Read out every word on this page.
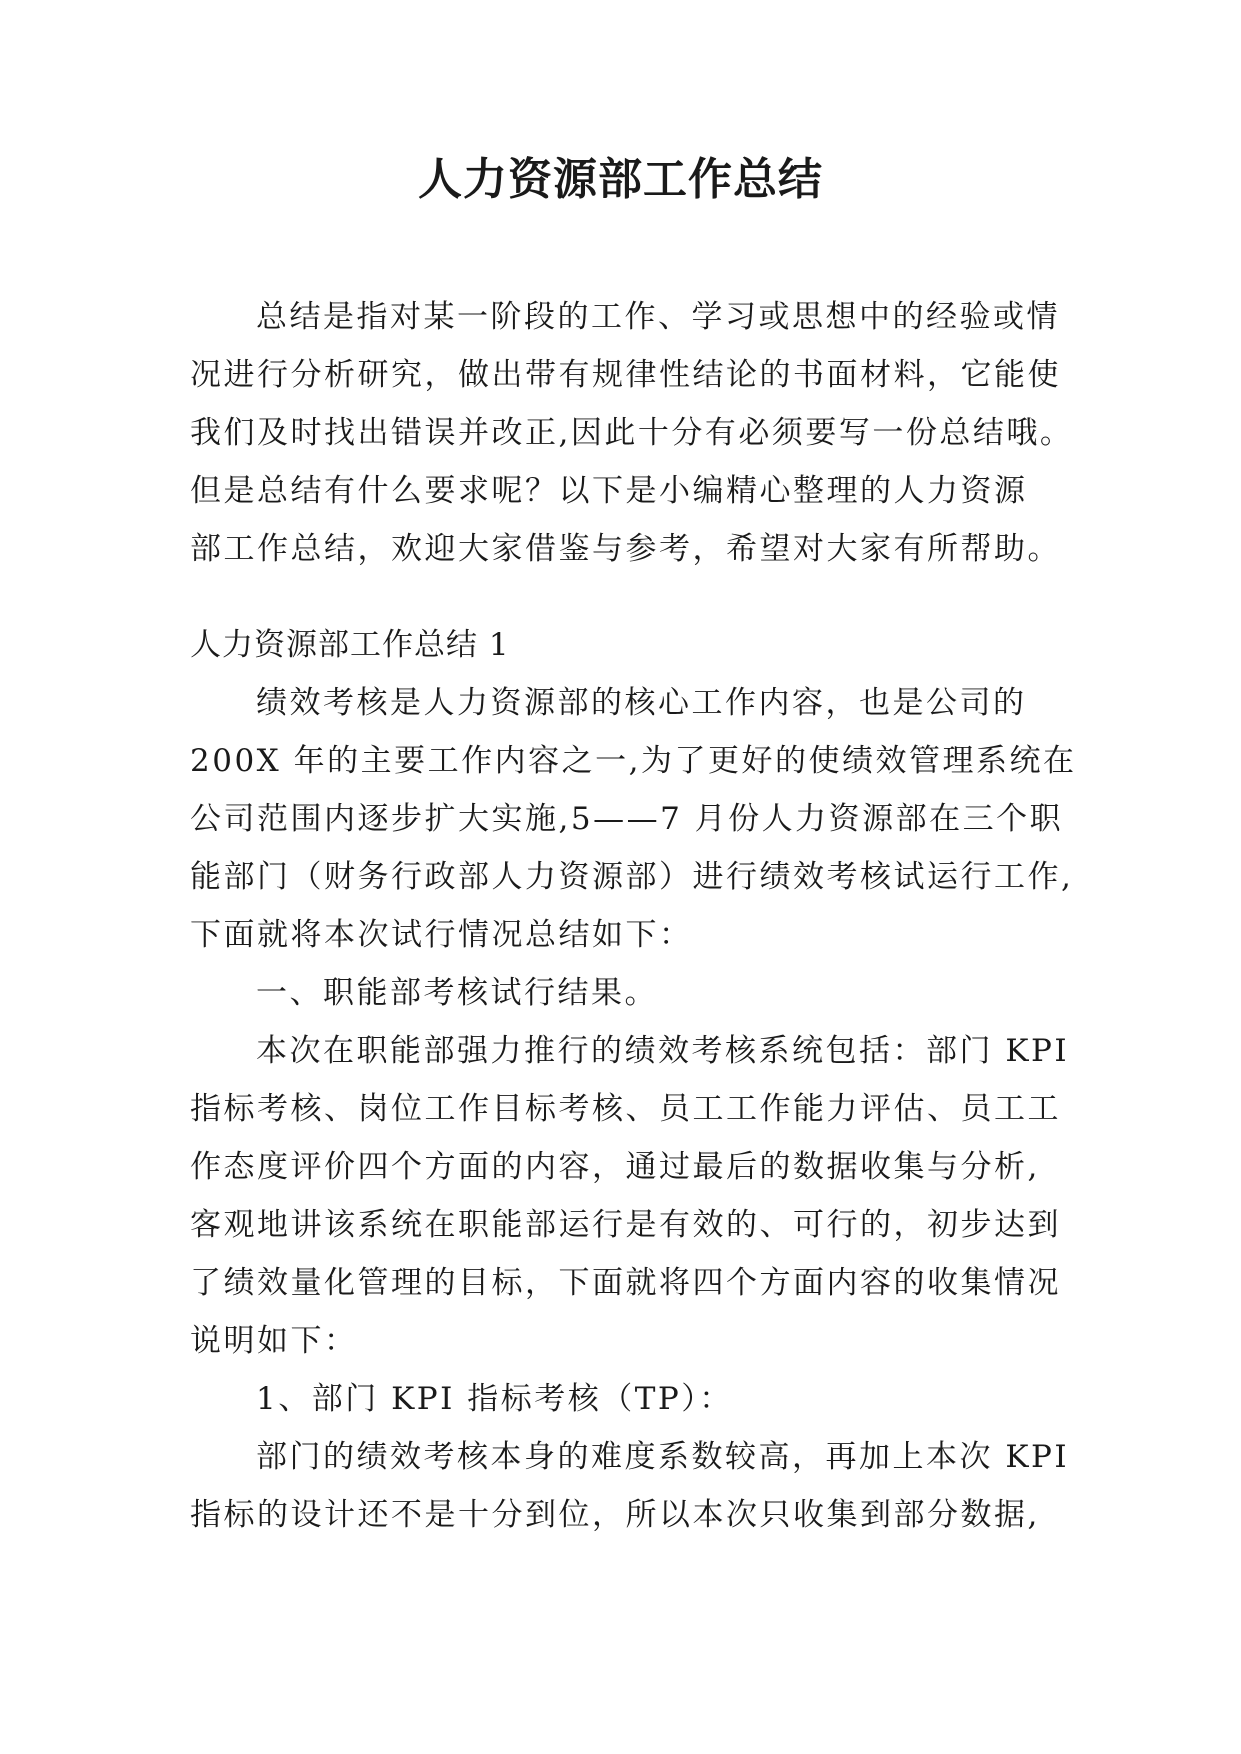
人力资源部工作总结
总结是指对某一阶段的工作、学习或思想中的经验或情
况进行分析研究，做出带有规律性结论的书面材料，它能使
我们及时找出错误并改正,因此十分有必须要写一份总结哦。
但是总结有什么要求呢？以下是小编精心整理的人力资源
部工作总结，欢迎大家借鉴与参考，希望对大家有所帮助。
人力资源部工作总结 1
绩效考核是人力资源部的核心工作内容，也是公司的
200X 年的主要工作内容之一,为了更好的使绩效管理系统在
公司范围内逐步扩大实施,5——7 月份人力资源部在三个职
能部门（财务行政部人力资源部）进行绩效考核试运行工作,
下面就将本次试行情况总结如下：
一、职能部考核试行结果。
本次在职能部强力推行的绩效考核系统包括：部门 KPI
指标考核、岗位工作目标考核、员工工作能力评估、员工工
作态度评价四个方面的内容，通过最后的数据收集与分析,
客观地讲该系统在职能部运行是有效的、可行的，初步达到
了绩效量化管理的目标，下面就将四个方面内容的收集情况
说明如下：
1、部门 KPI 指标考核（TP）：
部门的绩效考核本身的难度系数较高，再加上本次 KPI
指标的设计还不是十分到位，所以本次只收集到部分数据,
